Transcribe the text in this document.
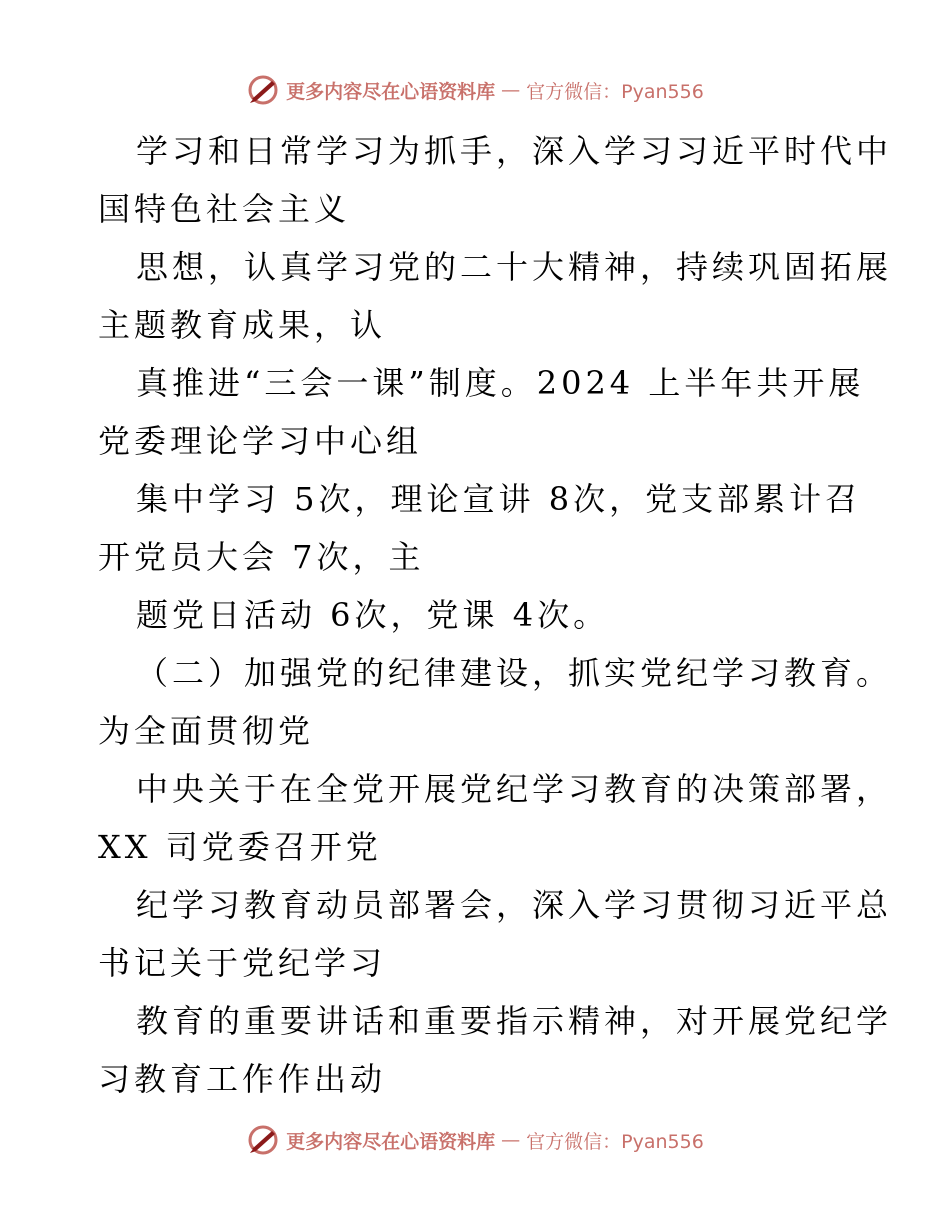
更多内容尽在心语资料库 — 官方微信：Pyan556
学习和日常学习为抓手，深入学习习近平时代中
国特色社会主义
思想，认真学习党的二十大精神，持续巩固拓展
主题教育成果，认
真推进“三会一课”制度。2024 上半年共开展
党委理论学习中心组
集中学习 5次，理论宣讲 8次，党支部累计召
开党员大会 7次，主
题党日活动 6次，党课 4次。
（二）加强党的纪律建设，抓实党纪学习教育。
为全面贯彻党
中央关于在全党开展党纪学习教育的决策部署，
XX 司党委召开党
纪学习教育动员部署会，深入学习贯彻习近平总
书记关于党纪学习
教育的重要讲话和重要指示精神，对开展党纪学
习教育工作作出动
更多内容尽在心语资料库 — 官方微信：Pyan556
